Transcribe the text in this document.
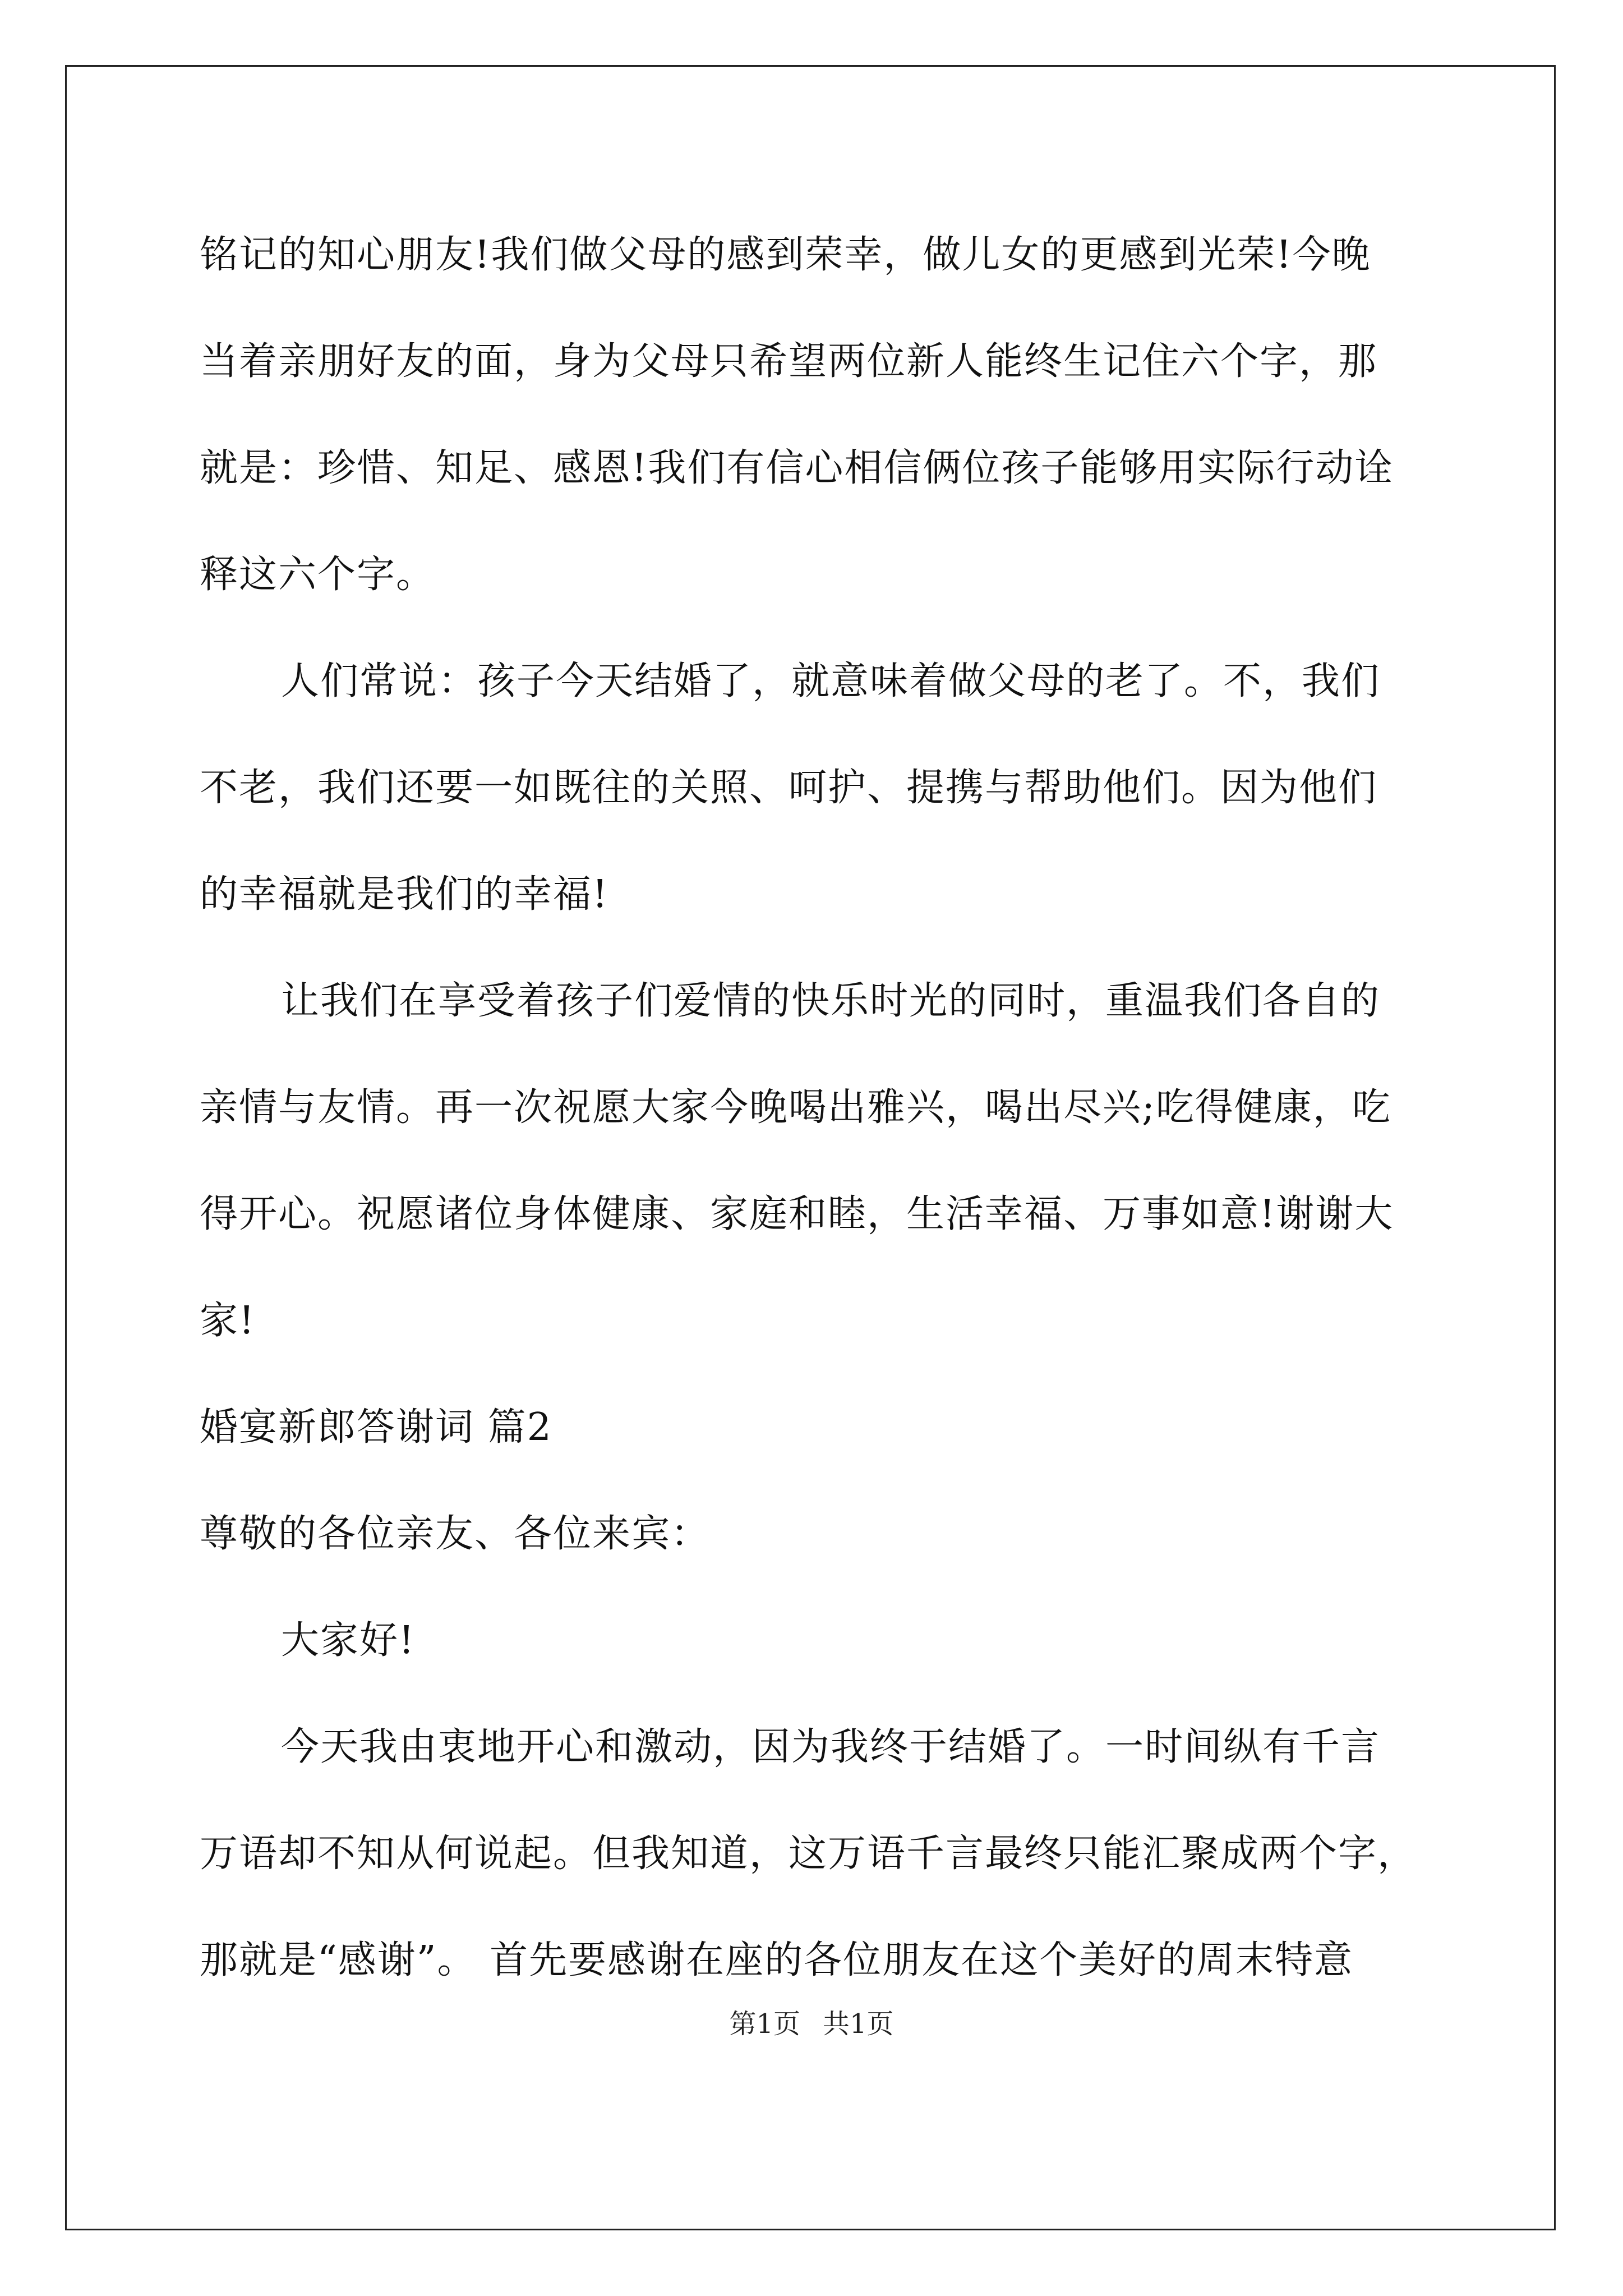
铭记的知心朋友!我们做父母的感到荣幸，做儿女的更感到光荣!今晚
当着亲朋好友的面，身为父母只希望两位新人能终生记住六个字，那
就是：珍惜、知足、感恩!我们有信心相信俩位孩子能够用实际行动诠
释这六个字。
人们常说：孩子今天结婚了，就意味着做父母的老了。不，我们
不老，我们还要一如既往的关照、呵护、提携与帮助他们。因为他们
的幸福就是我们的幸福!
让我们在享受着孩子们爱情的快乐时光的同时，重温我们各自的
亲情与友情。再一次祝愿大家今晚喝出雅兴，喝出尽兴;吃得健康，吃
得开心。祝愿诸位身体健康、家庭和睦，生活幸福、万事如意!谢谢大
家!
婚宴新郎答谢词 篇2
尊敬的各位亲友、各位来宾：
大家好!
今天我由衷地开心和激动，因为我终于结婚了。一时间纵有千言
万语却不知从何说起。但我知道，这万语千言最终只能汇聚成两个字，
那就是“感谢”。 首先要感谢在座的各位朋友在这个美好的周末特意
第1页 共1页
